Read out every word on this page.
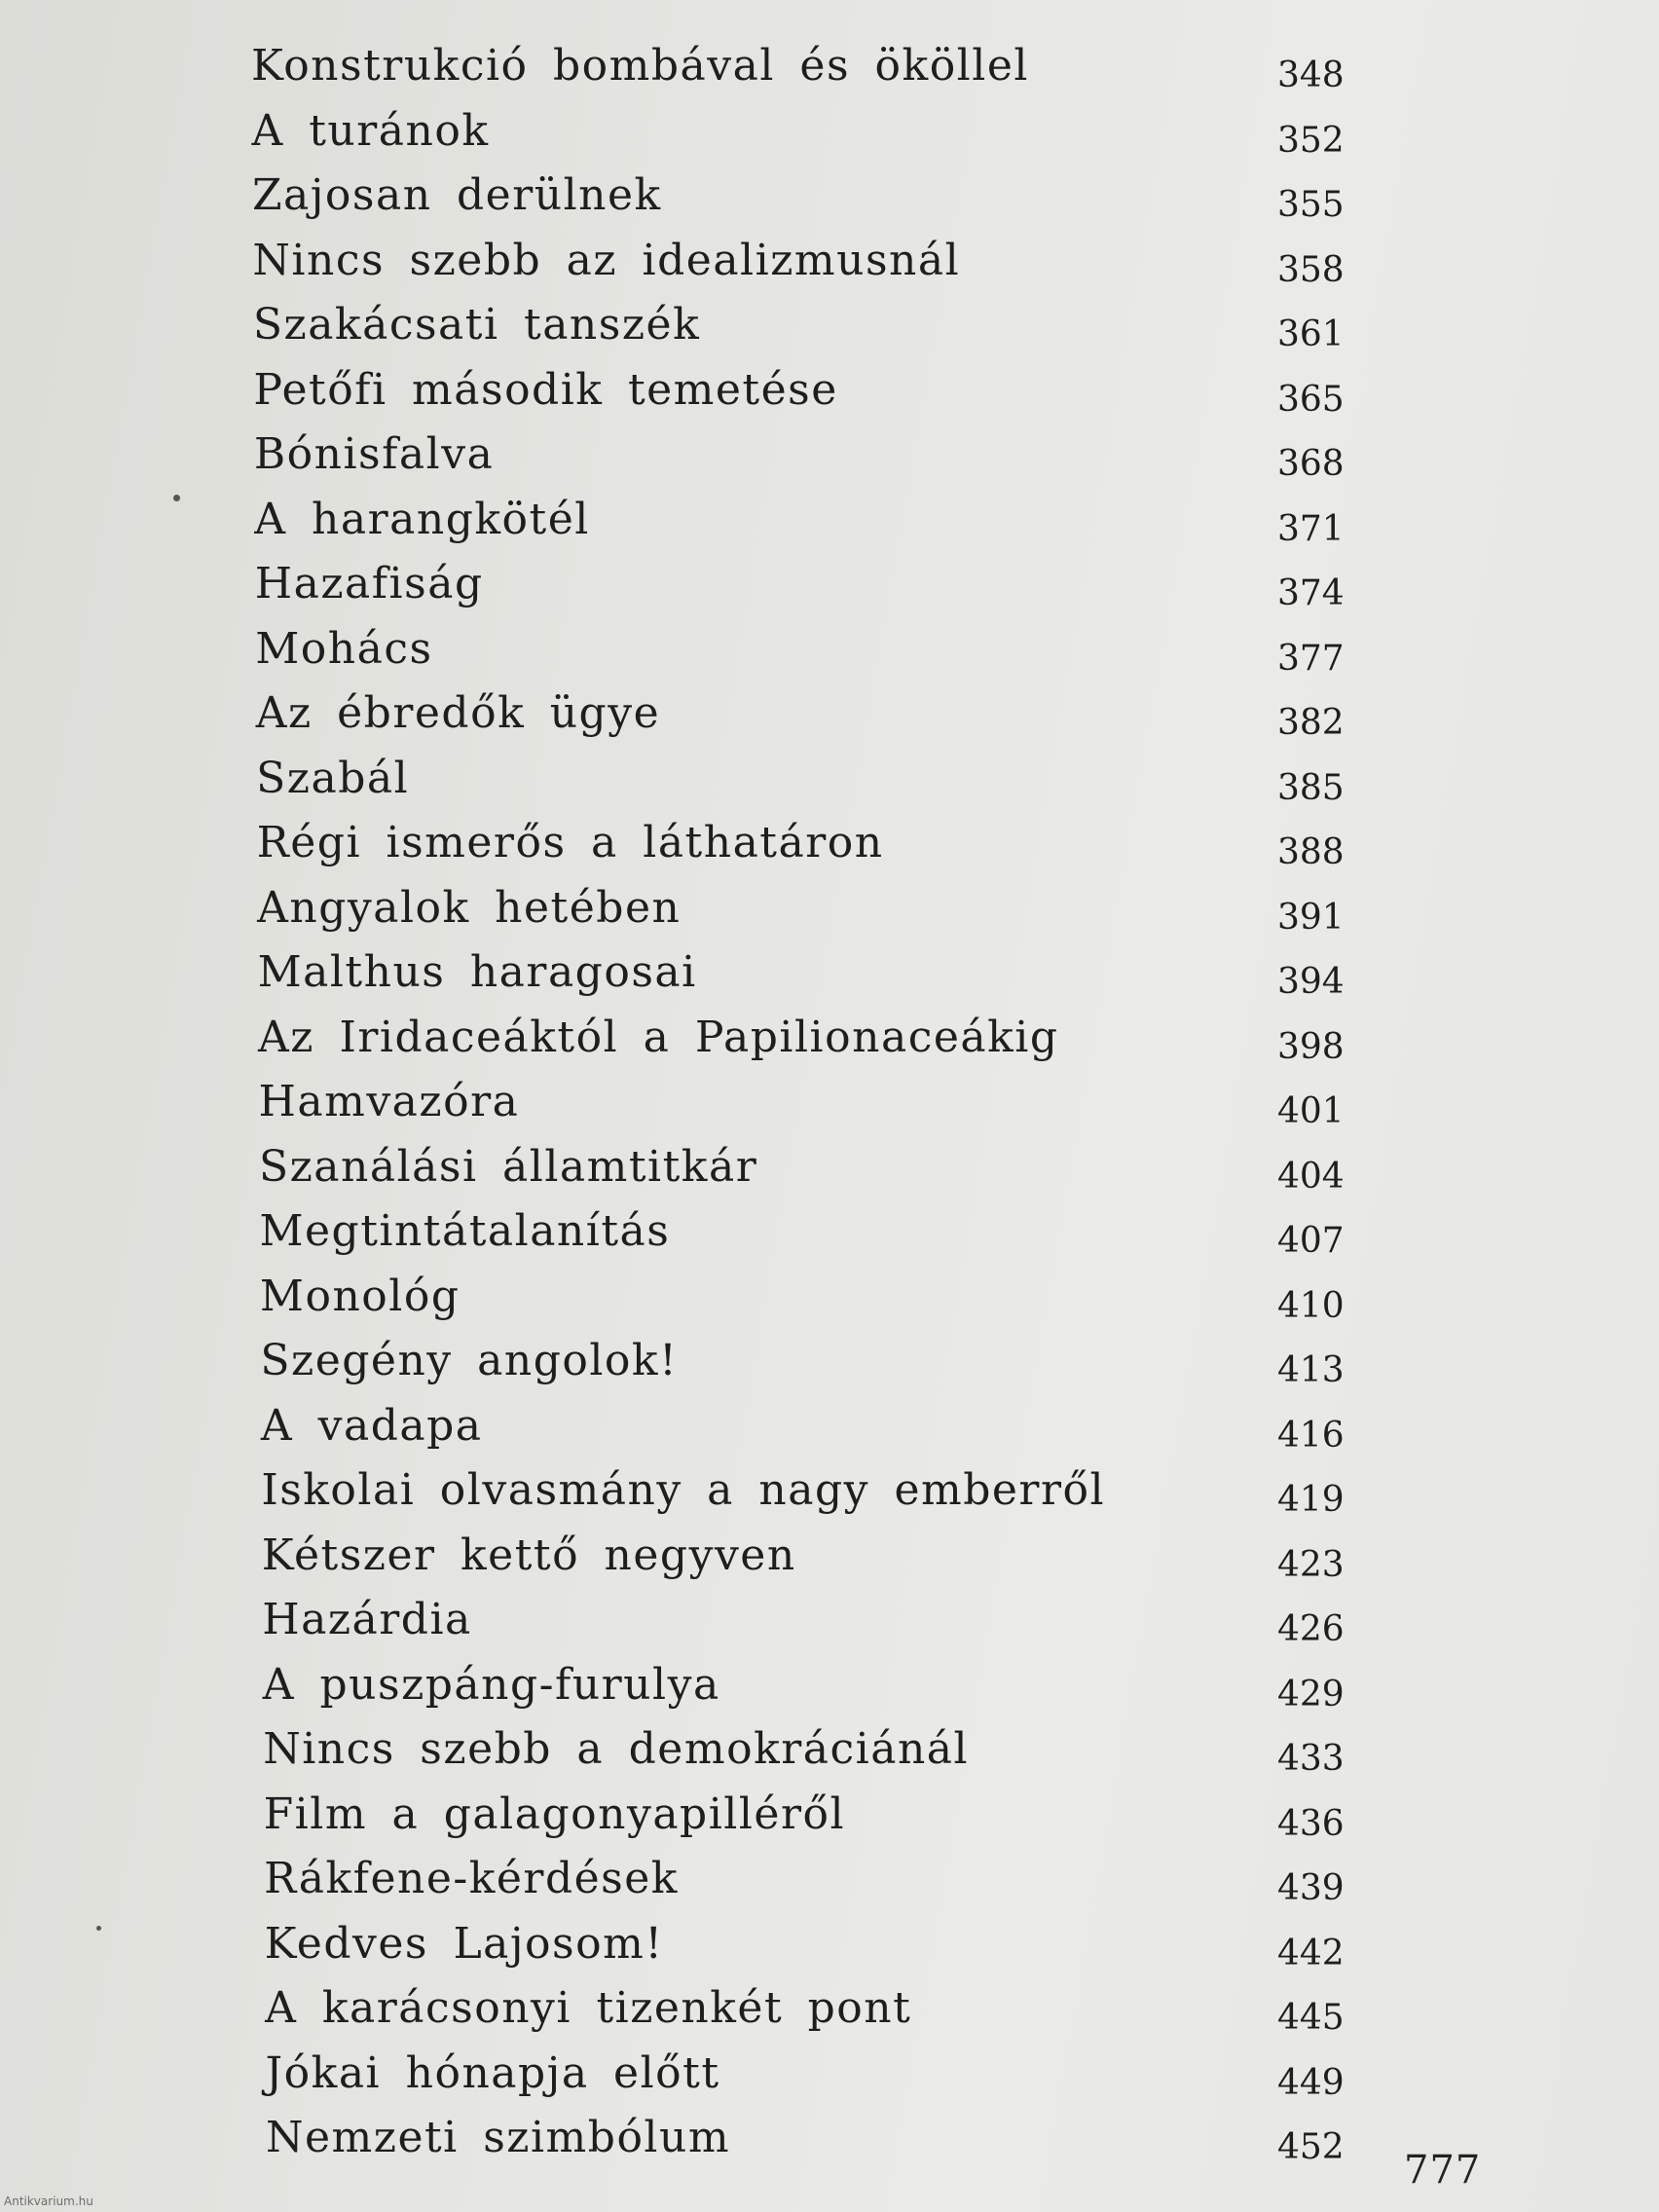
Konstrukció bombával és ököllel	348
A turánok	352
Zajosan derülnek	355
Nincs szebb az idealizmusnál	358
Szakácsati tanszék	361
Petőfi második temetése	365
Bónisfalva	368
A harangkötél	371
Hazafiság	374
Mohács	377
Az ébredők ügye	382
Szabál	385
Régi ismerős a láthatáron	388
Angyalok hetében	391
Malthus haragosai	394
Az Iridaceáktól a Papilionaceákig	398
Hamvazóra	401
Szanálási államtitkár	404
Megtintátalanítás	407
Monológ	410
Szegény angolok!	413
A vadapa	416
Iskolai olvasmány a nagy emberről	419
Kétszer kettő negyven	423
Hazárdia	426
A puszpáng-furulya	429
Nincs szebb a demokráciánál	433
Film a galagonyapilléről	436
Rákfene-kérdések	439
Kedves Lajosom!	442
A karácsonyi tizenkét pont	445
Jókai hónapja előtt	449
Nemzeti szimbólum	452
777
Antikvarium.hu
